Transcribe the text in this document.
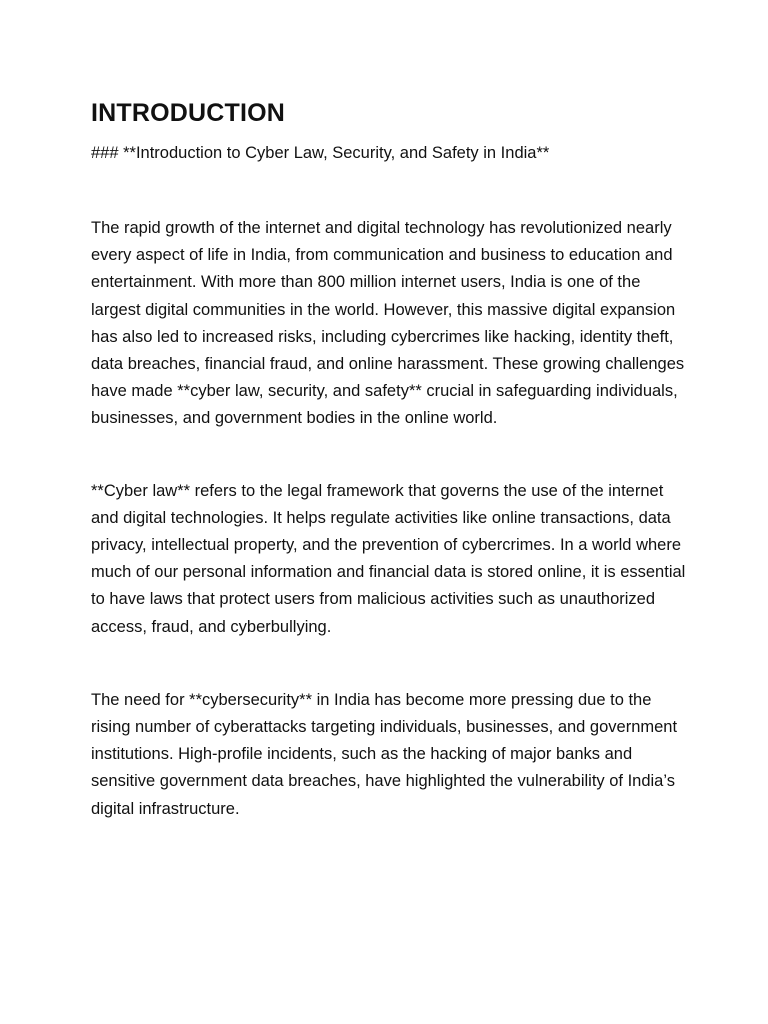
INTRODUCTION

### **Introduction to Cyber Law, Security, and Safety in India**

The rapid growth of the internet and digital technology has revolutionized nearly every aspect of life in India, from communication and business to education and entertainment. With more than 800 million internet users, India is one of the largest digital communities in the world. However, this massive digital expansion has also led to increased risks, including cybercrimes like hacking, identity theft, data breaches, financial fraud, and online harassment. These growing challenges have made **cyber law, security, and safety** crucial in safeguarding individuals, businesses, and government bodies in the online world.

**Cyber law** refers to the legal framework that governs the use of the internet and digital technologies. It helps regulate activities like online transactions, data privacy, intellectual property, and the prevention of cybercrimes. In a world where much of our personal information and financial data is stored online, it is essential to have laws that protect users from malicious activities such as unauthorized access, fraud, and cyberbullying.

The need for **cybersecurity** in India has become more pressing due to the rising number of cyberattacks targeting individuals, businesses, and government institutions. High-profile incidents, such as the hacking of major banks and sensitive government data breaches, have highlighted the vulnerability of India’s digital infrastructure.
